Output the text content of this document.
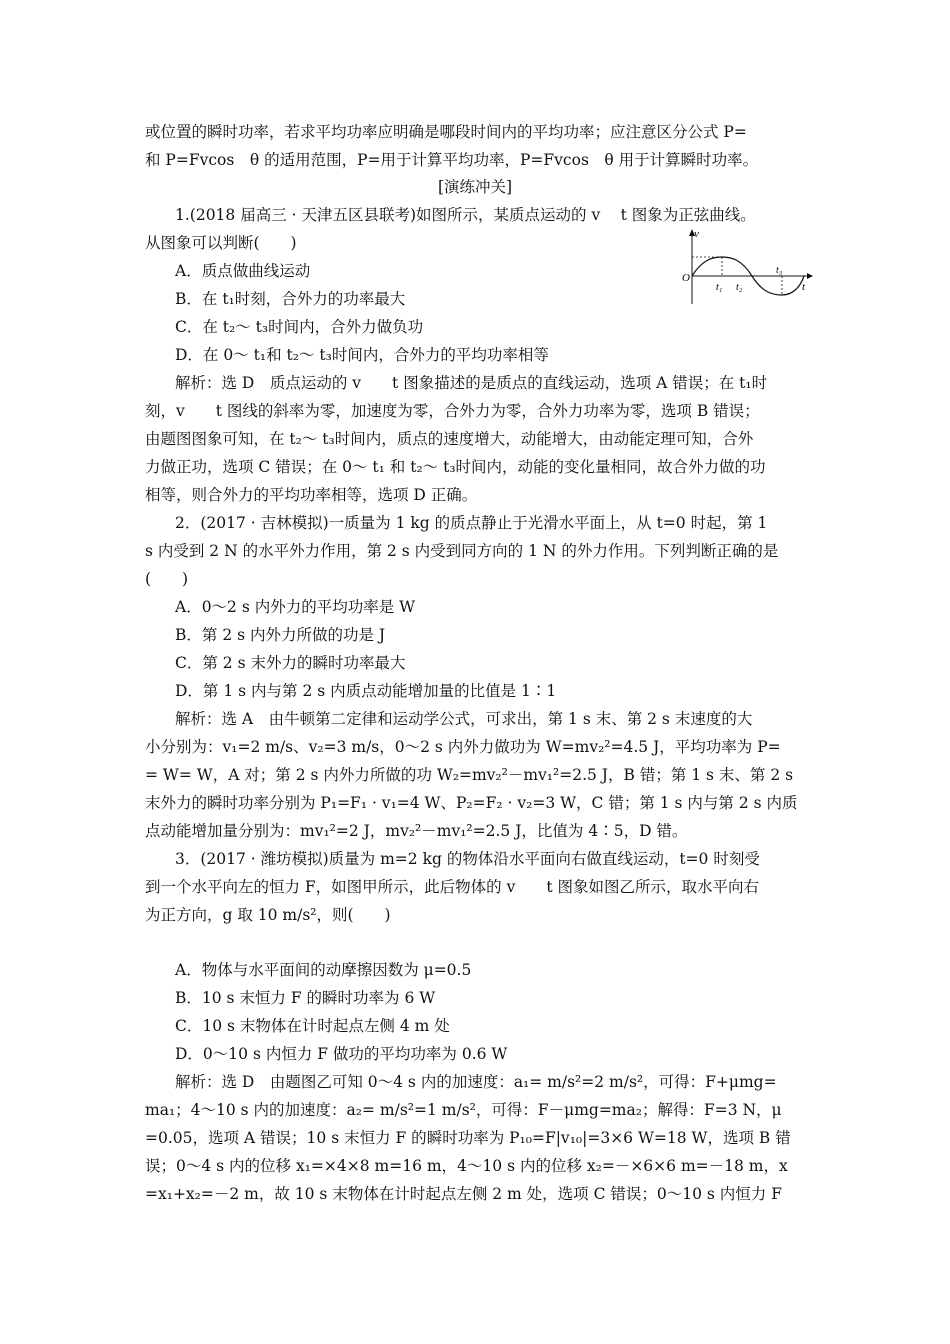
或位置的瞬时功率，若求平均功率应明确是哪段时间内的平均功率；应注意区分公式 P=
和 P=Fvcos　θ 的适用范围，P=用于计算平均功率，P=Fvcos　θ 用于计算瞬时功率。
[演练冲关]
1.(2018 届高三 · 天津五区县联考)如图所示，某质点运动的 v　 t 图象为正弦曲线。
从图象可以判断(　　)
A．质点做曲线运动
B．在 t₁时刻，合外力的功率最大
C．在 t₂～ t₃时间内，合外力做负功
D．在 0～ t₁和 t₂～ t₃时间内，合外力的平均功率相等
解析：选 D　质点运动的 v　　t 图象描述的是质点的直线运动，选项 A 错误；在 t₁时
刻，v　　t 图线的斜率为零，加速度为零，合外力为零，合外力功率为零，选项 B 错误；
由题图图象可知，在 t₂～ t₃时间内，质点的速度增大，动能增大，由动能定理可知，合外
力做正功，选项 C 错误；在 0～ t₁ 和 t₂～ t₃时间内，动能的变化量相同，故合外力做的功
相等，则合外力的平均功率相等，选项 D 正确。
2．(2017 · 吉林模拟)一质量为 1 kg 的质点静止于光滑水平面上，从 t=0 时起，第 1
s 内受到 2 N 的水平外力作用，第 2 s 内受到同方向的 1 N 的外力作用。下列判断正确的是
(　　)
A．0～2 s 内外力的平均功率是 W
B．第 2 s 内外力所做的功是 J
C．第 2 s 末外力的瞬时功率最大
D．第 1 s 内与第 2 s 内质点动能增加量的比值是 1∶1
解析：选 A　由牛顿第二定律和运动学公式，可求出，第 1 s 末、第 2 s 末速度的大
小分别为：v₁=2 m/s、v₂=3 m/s，0～2 s 内外力做功为 W=mv₂²=4.5 J，平均功率为 P=
= W= W，A 对；第 2 s 内外力所做的功 W₂=mv₂²－mv₁²=2.5 J，B 错；第 1 s 末、第 2 s
末外力的瞬时功率分别为 P₁=F₁ · v₁=4 W、P₂=F₂ · v₂=3 W，C 错；第 1 s 内与第 2 s 内质
点动能增加量分别为：mv₁²=2 J，mv₂²－mv₁²=2.5 J，比值为 4∶5，D 错。
3．(2017 · 潍坊模拟)质量为 m=2 kg 的物体沿水平面向右做直线运动，t=0 时刻受
到一个水平向左的恒力 F，如图甲所示，此后物体的 v　　t 图象如图乙所示，取水平向右
为正方向，g 取 10 m/s²，则(　　)
A．物体与水平面间的动摩擦因数为 μ=0.5
B．10 s 末恒力 F 的瞬时功率为 6 W
C．10 s 末物体在计时起点左侧 4 m 处
D．0～10 s 内恒力 F 做功的平均功率为 0.6 W
解析：选 D　由题图乙可知 0～4 s 内的加速度：a₁= m/s²=2 m/s²，可得：F+μmg=
ma₁；4～10 s 内的加速度：a₂= m/s²=1 m/s²，可得：F－μmg=ma₂；解得：F=3 N，μ
=0.05，选项 A 错误；10 s 末恒力 F 的瞬时功率为 P₁₀=F|v₁₀|=3×6 W=18 W，选项 B 错
误；0～4 s 内的位移 x₁=×4×8 m=16 m，4～10 s 内的位移 x₂=－×6×6 m=－18 m，x
=x₁+x₂=－2 m，故 10 s 末物体在计时起点左侧 2 m 处，选项 C 错误；0～10 s 内恒力 F
v
O
t
t₁ t₂
t₃
